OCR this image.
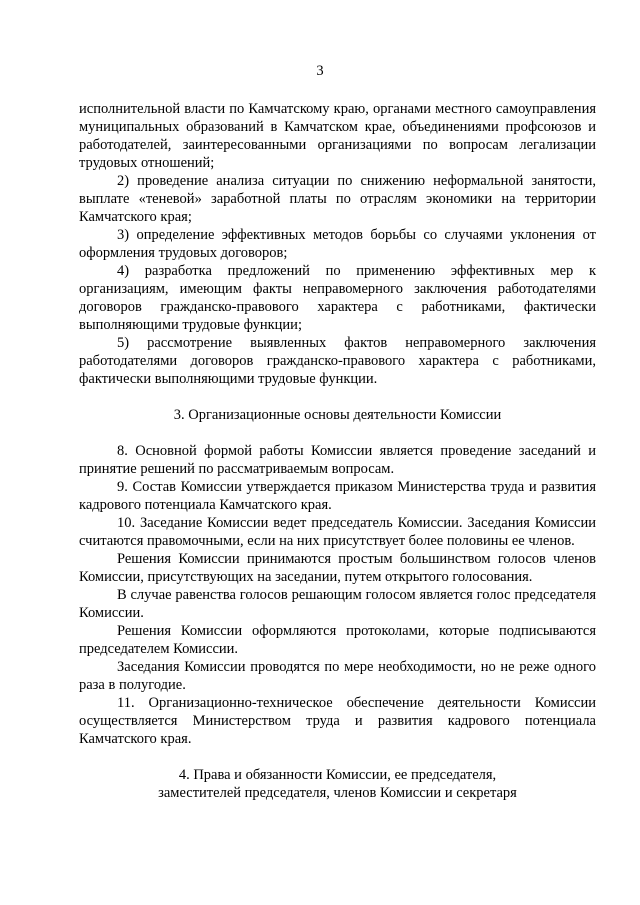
3

исполнительной власти по Камчатскому краю, органами местного самоуправления муниципальных образований в Камчатском крае, объединениями профсоюзов и работодателей, заинтересованными организациями по вопросам легализации трудовых отношений;

2) проведение анализа ситуации по снижению неформальной занятости, выплате «теневой» заработной платы по отраслям экономики на территории Камчатского края;

3) определение эффективных методов борьбы со случаями уклонения от оформления трудовых договоров;

4) разработка предложений по применению эффективных мер к организациям, имеющим факты неправомерного заключения работодателями договоров гражданско-правового характера с работниками, фактически выполняющими трудовые функции;

5) рассмотрение выявленных фактов неправомерного заключения работодателями договоров гражданско-правового характера с работниками, фактически выполняющими трудовые функции.

3. Организационные основы деятельности Комиссии

8. Основной формой работы Комиссии является проведение заседаний и принятие решений по рассматриваемым вопросам.

9. Состав Комиссии утверждается приказом Министерства труда и развития кадрового потенциала Камчатского края.

10. Заседание Комиссии ведет председатель Комиссии. Заседания Комиссии считаются правомочными, если на них присутствует более половины ее членов.

Решения Комиссии принимаются простым большинством голосов членов Комиссии, присутствующих на заседании, путем открытого голосования.

В случае равенства голосов решающим голосом является голос председателя Комиссии.

Решения Комиссии оформляются протоколами, которые подписываются председателем Комиссии.

Заседания Комиссии проводятся по мере необходимости, но не реже одного раза в полугодие.

11. Организационно-техническое обеспечение деятельности Комиссии осуществляется Министерством труда и развития кадрового потенциала Камчатского края.

4. Права и обязанности Комиссии, ее председателя,

заместителей председателя, членов Комиссии и секретаря
